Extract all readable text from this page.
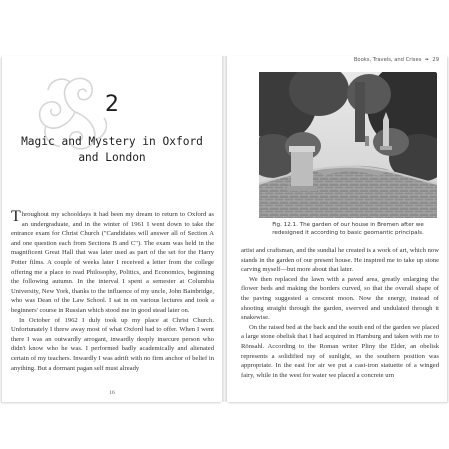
2
Magic and Mystery in Oxford
and London

Throughout my schooldays it had been my dream to return to Oxford as an undergraduate, and in the winter of 1961 I went down to take the entrance exam for Christ Church ("Candidates will answer all of Section A and one question each from Sections B and C"). The exam was held in the magnificent Great Hall that was later used as part of the set for the Harry Potter films. A couple of weeks later I received a letter from the college offering me a place to read Philosophy, Politics, and Economics, beginning the following autumn. In the interval I spent a semester at Columbia University, New York, thanks to the influence of my uncle, John Bainbridge, who was Dean of the Law School. I sat in on various lectures and took a beginners' course in Russian which stood me in good stead later on.

In October of 1962 I duly took up my place at Christ Church. Unfortunately I threw away most of what Oxford had to offer. When I went there I was an outwardly arrogant, inwardly deeply insecure person who didn't know who he was. I performed badly academically and alienated certain of my teachers. Inwardly I was adrift with no firm anchor of belief in anything. But a dormant pagan self must already

16
Books, Travels, and Crises  ❧  29
Fig. 12.1. The garden of our house in Bremen after we redesigned it according to basic geomantic principals.

artist and craftsman, and the sundial he created is a work of art, which now stands in the garden of our present house. He inspired me to take up stone carving myself—but more about that later.

We then replaced the lawn with a paved area, greatly enlarging the flower beds and making the borders curved, so that the overall shape of the paving suggested a crescent moon. Now the energy, instead of shooting straight through the garden, swerved and undulated through it snakewise.

On the raised bed at the back and the south end of the garden we placed a large stone obelisk that I had acquired in Hamburg and taken with me to Rönsahl. According to the Roman writer Pliny the Elder, an obelisk represents a solidified ray of sunlight, so the southern position was appropriate. In the east for air we put a cast-iron statuette of a winged fairy, while in the west for water we placed a concrete urn
